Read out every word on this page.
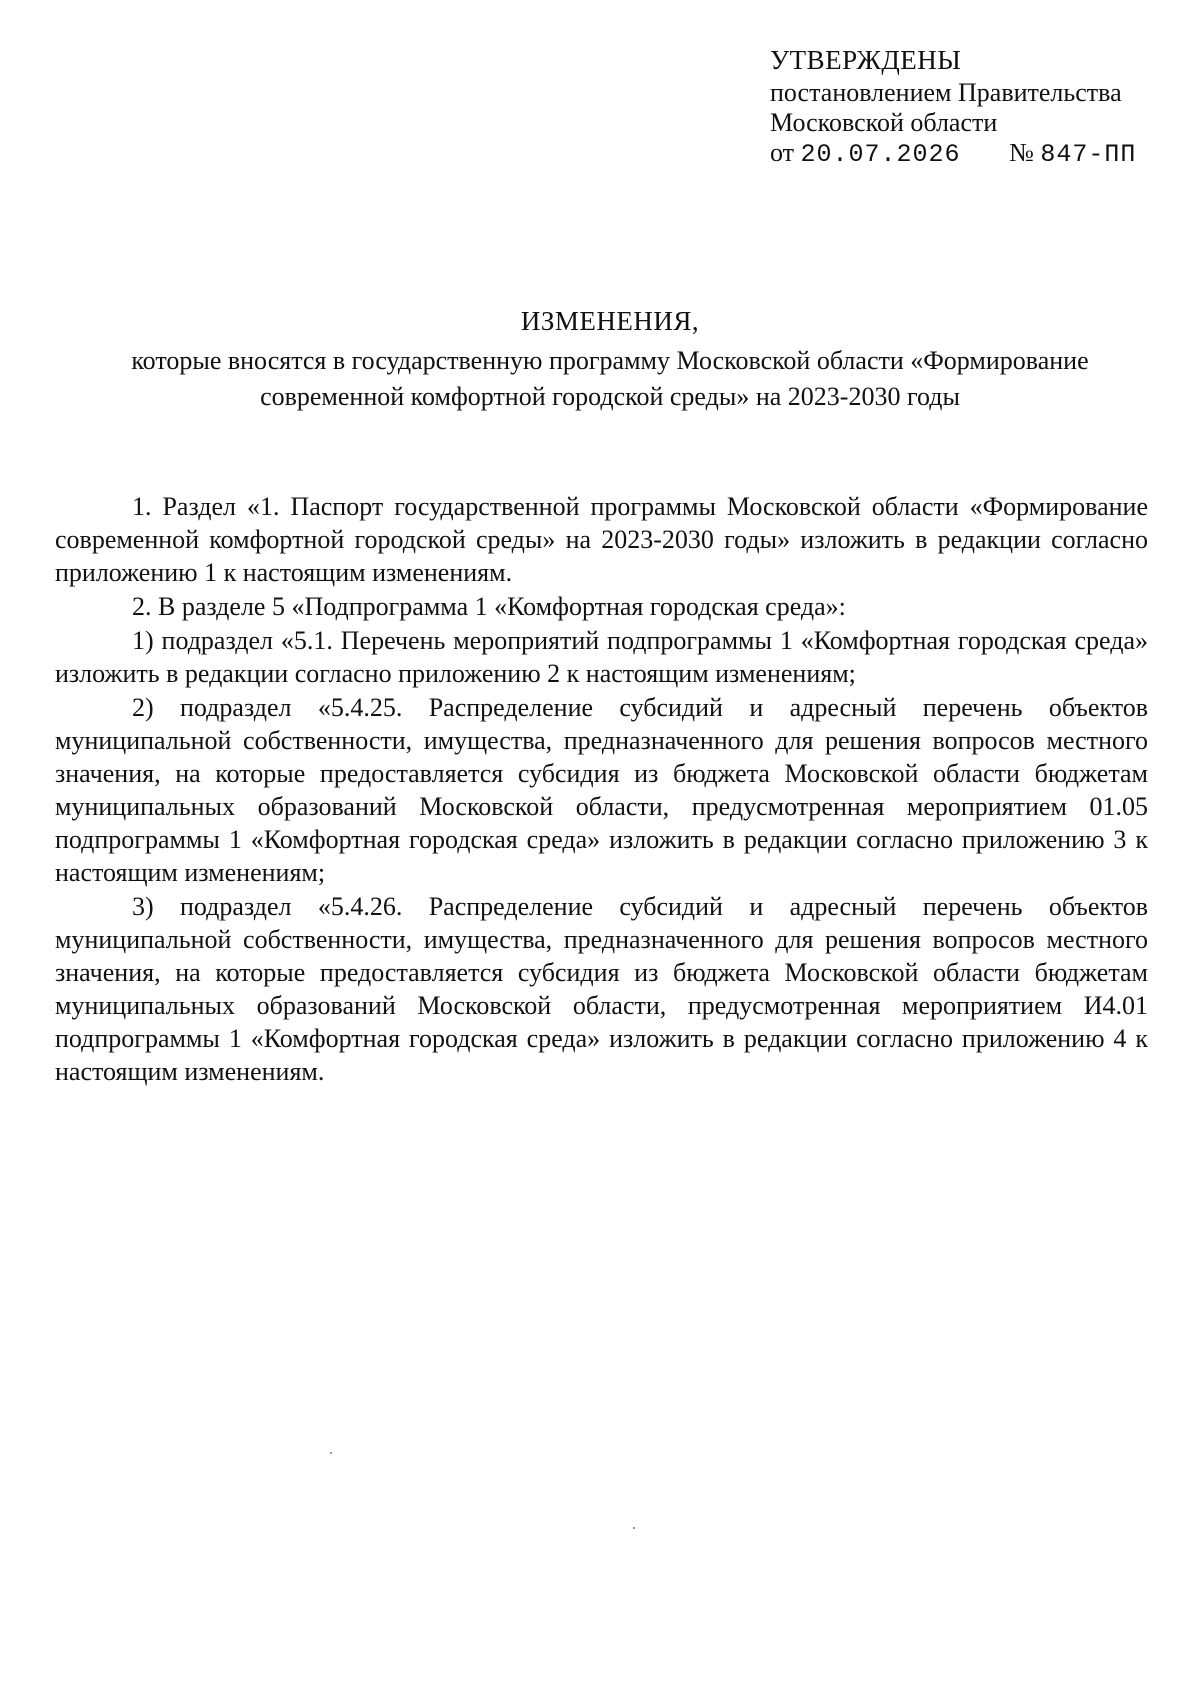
УТВЕРЖДЕНЫ
постановлением Правительства
Московской области
от 20.07.2026 № 847-ПП
ИЗМЕНЕНИЯ,
которые вносятся в государственную программу Московской области «Формирование
современной комфортной городской среды» на 2023-2030 годы

1. Раздел «1. Паспорт государственной программы Московской области «Формирование современной комфортной городской среды» на 2023-2030 годы» изложить в редакции согласно приложению 1 к настоящим изменениям.

2. В разделе 5 «Подпрограмма 1 «Комфортная городская среда»:

1) подраздел «5.1. Перечень мероприятий подпрограммы 1 «Комфортная городская среда» изложить в редакции согласно приложению 2 к настоящим изменениям;

2) подраздел «5.4.25. Распределение субсидий и адресный перечень объектов муниципальной собственности, имущества, предназначенного для решения вопросов местного значения, на которые предоставляется субсидия из бюджета Московской области бюджетам муниципальных образований Московской области, предусмотренная мероприятием 01.05 подпрограммы 1 «Комфортная городская среда» изложить в редакции согласно приложению 3 к настоящим изменениям;

3) подраздел «5.4.26. Распределение субсидий и адресный перечень объектов муниципальной собственности, имущества, предназначенного для решения вопросов местного значения, на которые предоставляется субсидия из бюджета Московской области бюджетам муниципальных образований Московской области, предусмотренная мероприятием И4.01 подпрограммы 1 «Комфортная городская среда» изложить в редакции согласно приложению 4 к настоящим изменениям.
